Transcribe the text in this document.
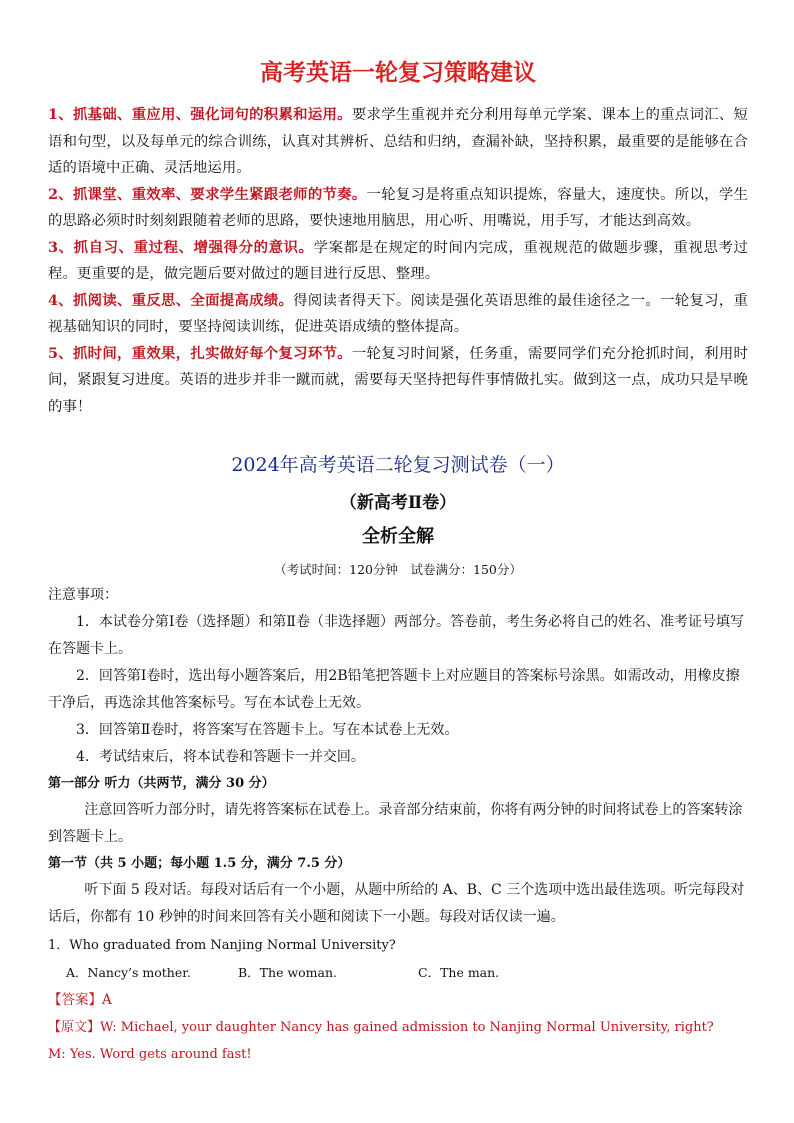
高考英语一轮复习策略建议
1、抓基础、重应用、强化词句的积累和运用。要求学生重视并充分利用每单元学案、课本上的重点词汇、短语和句型，以及每单元的综合训练，认真对其辨析、总结和归纳，查漏补缺，坚持积累，最重要的是能够在合适的语境中正确、灵活地运用。
2、抓课堂、重效率、要求学生紧跟老师的节奏。一轮复习是将重点知识提炼，容量大，速度快。所以，学生的思路必须时时刻刻跟随着老师的思路，要快速地用脑思，用心听、用嘴说，用手写，才能达到高效。
3、抓自习、重过程、增强得分的意识。学案都是在规定的时间内完成，重视规范的做题步骤，重视思考过程。更重要的是，做完题后要对做过的题目进行反思、整理。
4、抓阅读、重反思、全面提高成绩。得阅读者得天下。阅读是强化英语思维的最佳途径之一。一轮复习，重视基础知识的同时，要坚持阅读训练，促进英语成绩的整体提高。
5、抓时间，重效果，扎实做好每个复习环节。一轮复习时间紧，任务重，需要同学们充分抢抓时间，利用时间，紧跟复习进度。英语的进步并非一蹴而就，需要每天坚持把每件事情做扎实。做到这一点，成功只是早晚的事！
2024年高考英语二轮复习测试卷（一）
（新高考Ⅱ卷）
全析全解
（考试时间：120分钟　试卷满分：150分）
注意事项：
1．本试卷分第Ⅰ卷（选择题）和第Ⅱ卷（非选择题）两部分。答卷前，考生务必将自己的姓名、准考证号填写在答题卡上。
2．回答第Ⅰ卷时，选出每小题答案后，用2B铅笔把答题卡上对应题目的答案标号涂黑。如需改动，用橡皮擦干净后，再选涂其他答案标号。写在本试卷上无效。
3．回答第Ⅱ卷时，将答案写在答题卡上。写在本试卷上无效。
4．考试结束后，将本试卷和答题卡一并交回。
第一部分 听力（共两节，满分 30 分）
注意回答听力部分时，请先将答案标在试卷上。录音部分结束前，你将有两分钟的时间将试卷上的答案转涂到答题卡上。
第一节（共 5 小题；每小题 1.5 分，满分 7.5 分）
听下面 5 段对话。每段对话后有一个小题，从题中所给的 A、B、C 三个选项中选出最佳选项。听完每段对话后，你都有 10 秒钟的时间来回答有关小题和阅读下一小题。每段对话仅读一遍。
1．Who graduated from Nanjing Normal University?
A．Nancy’s mother.	B．The woman.	C．The man.
【答案】A
【原文】W: Michael, your daughter Nancy has gained admission to Nanjing Normal University, right?
M: Yes. Word gets around fast!
